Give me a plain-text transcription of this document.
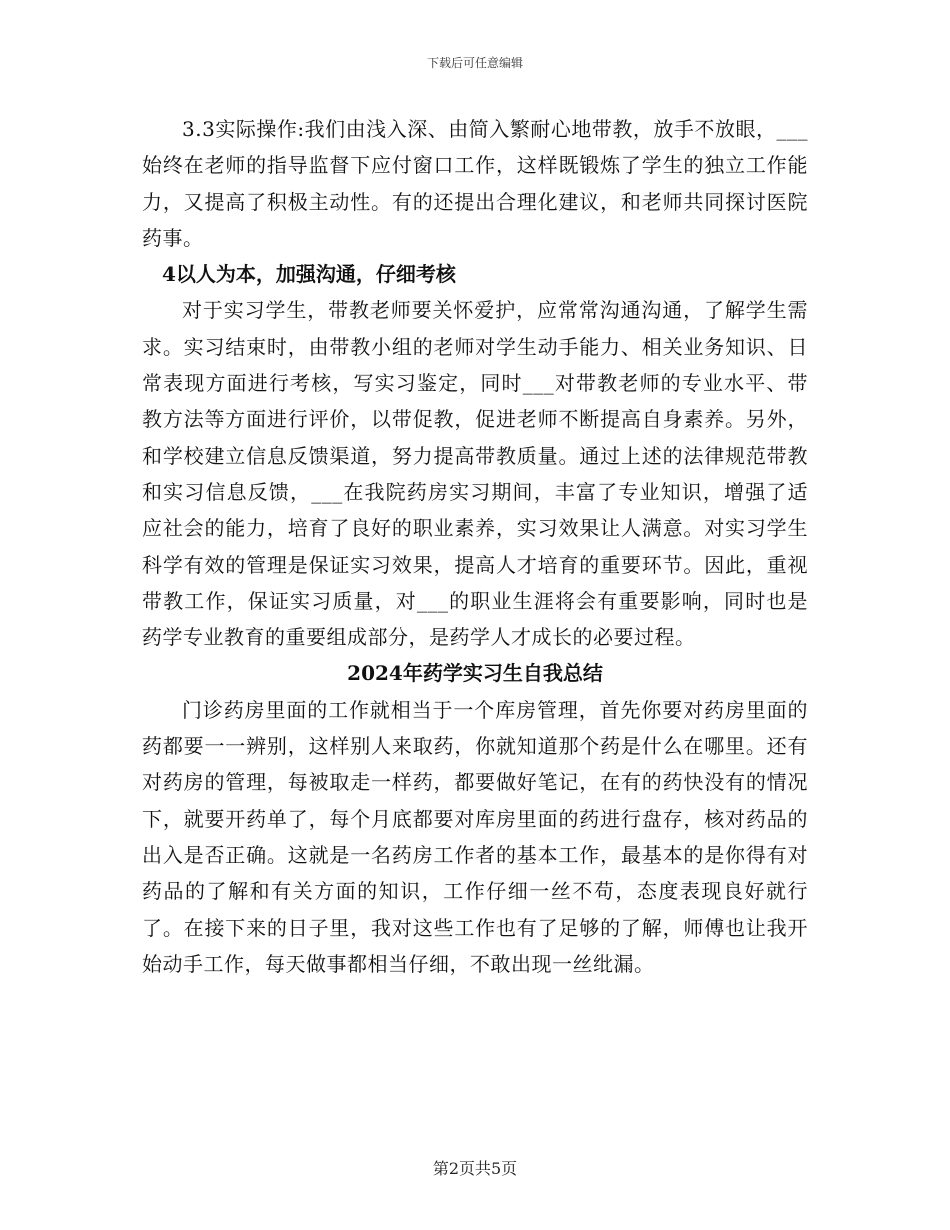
下载后可任意编辑

3.3实际操作:我们由浅入深、由简入繁耐心地带教，放手不放眼，___始终在老师的指导监督下应付窗口工作，这样既锻炼了学生的独立工作能力，又提高了积极主动性。有的还提出合理化建议，和老师共同探讨医院药事。

4以人为本，加强沟通，仔细考核

对于实习学生，带教老师要关怀爱护，应常常沟通沟通，了解学生需求。实习结束时，由带教小组的老师对学生动手能力、相关业务知识、日常表现方面进行考核，写实习鉴定，同时___对带教老师的专业水平、带教方法等方面进行评价，以带促教，促进老师不断提高自身素养。另外，和学校建立信息反馈渠道，努力提高带教质量。通过上述的法律规范带教和实习信息反馈，___在我院药房实习期间，丰富了专业知识，增强了适应社会的能力，培育了良好的职业素养，实习效果让人满意。对实习学生科学有效的管理是保证实习效果，提高人才培育的重要环节。因此，重视带教工作，保证实习质量，对___的职业生涯将会有重要影响，同时也是药学专业教育的重要组成部分，是药学人才成长的必要过程。

2024年药学实习生自我总结

门诊药房里面的工作就相当于一个库房管理，首先你要对药房里面的药都要一一辨别，这样别人来取药，你就知道那个药是什么在哪里。还有对药房的管理，每被取走一样药，都要做好笔记，在有的药快没有的情况下，就要开药单了，每个月底都要对库房里面的药进行盘存，核对药品的出入是否正确。这就是一名药房工作者的基本工作，最基本的是你得有对药品的了解和有关方面的知识，工作仔细一丝不苟，态度表现良好就行了。在接下来的日子里，我对这些工作也有了足够的了解，师傅也让我开始动手工作，每天做事都相当仔细，不敢出现一丝纰漏。

第2页共5页
